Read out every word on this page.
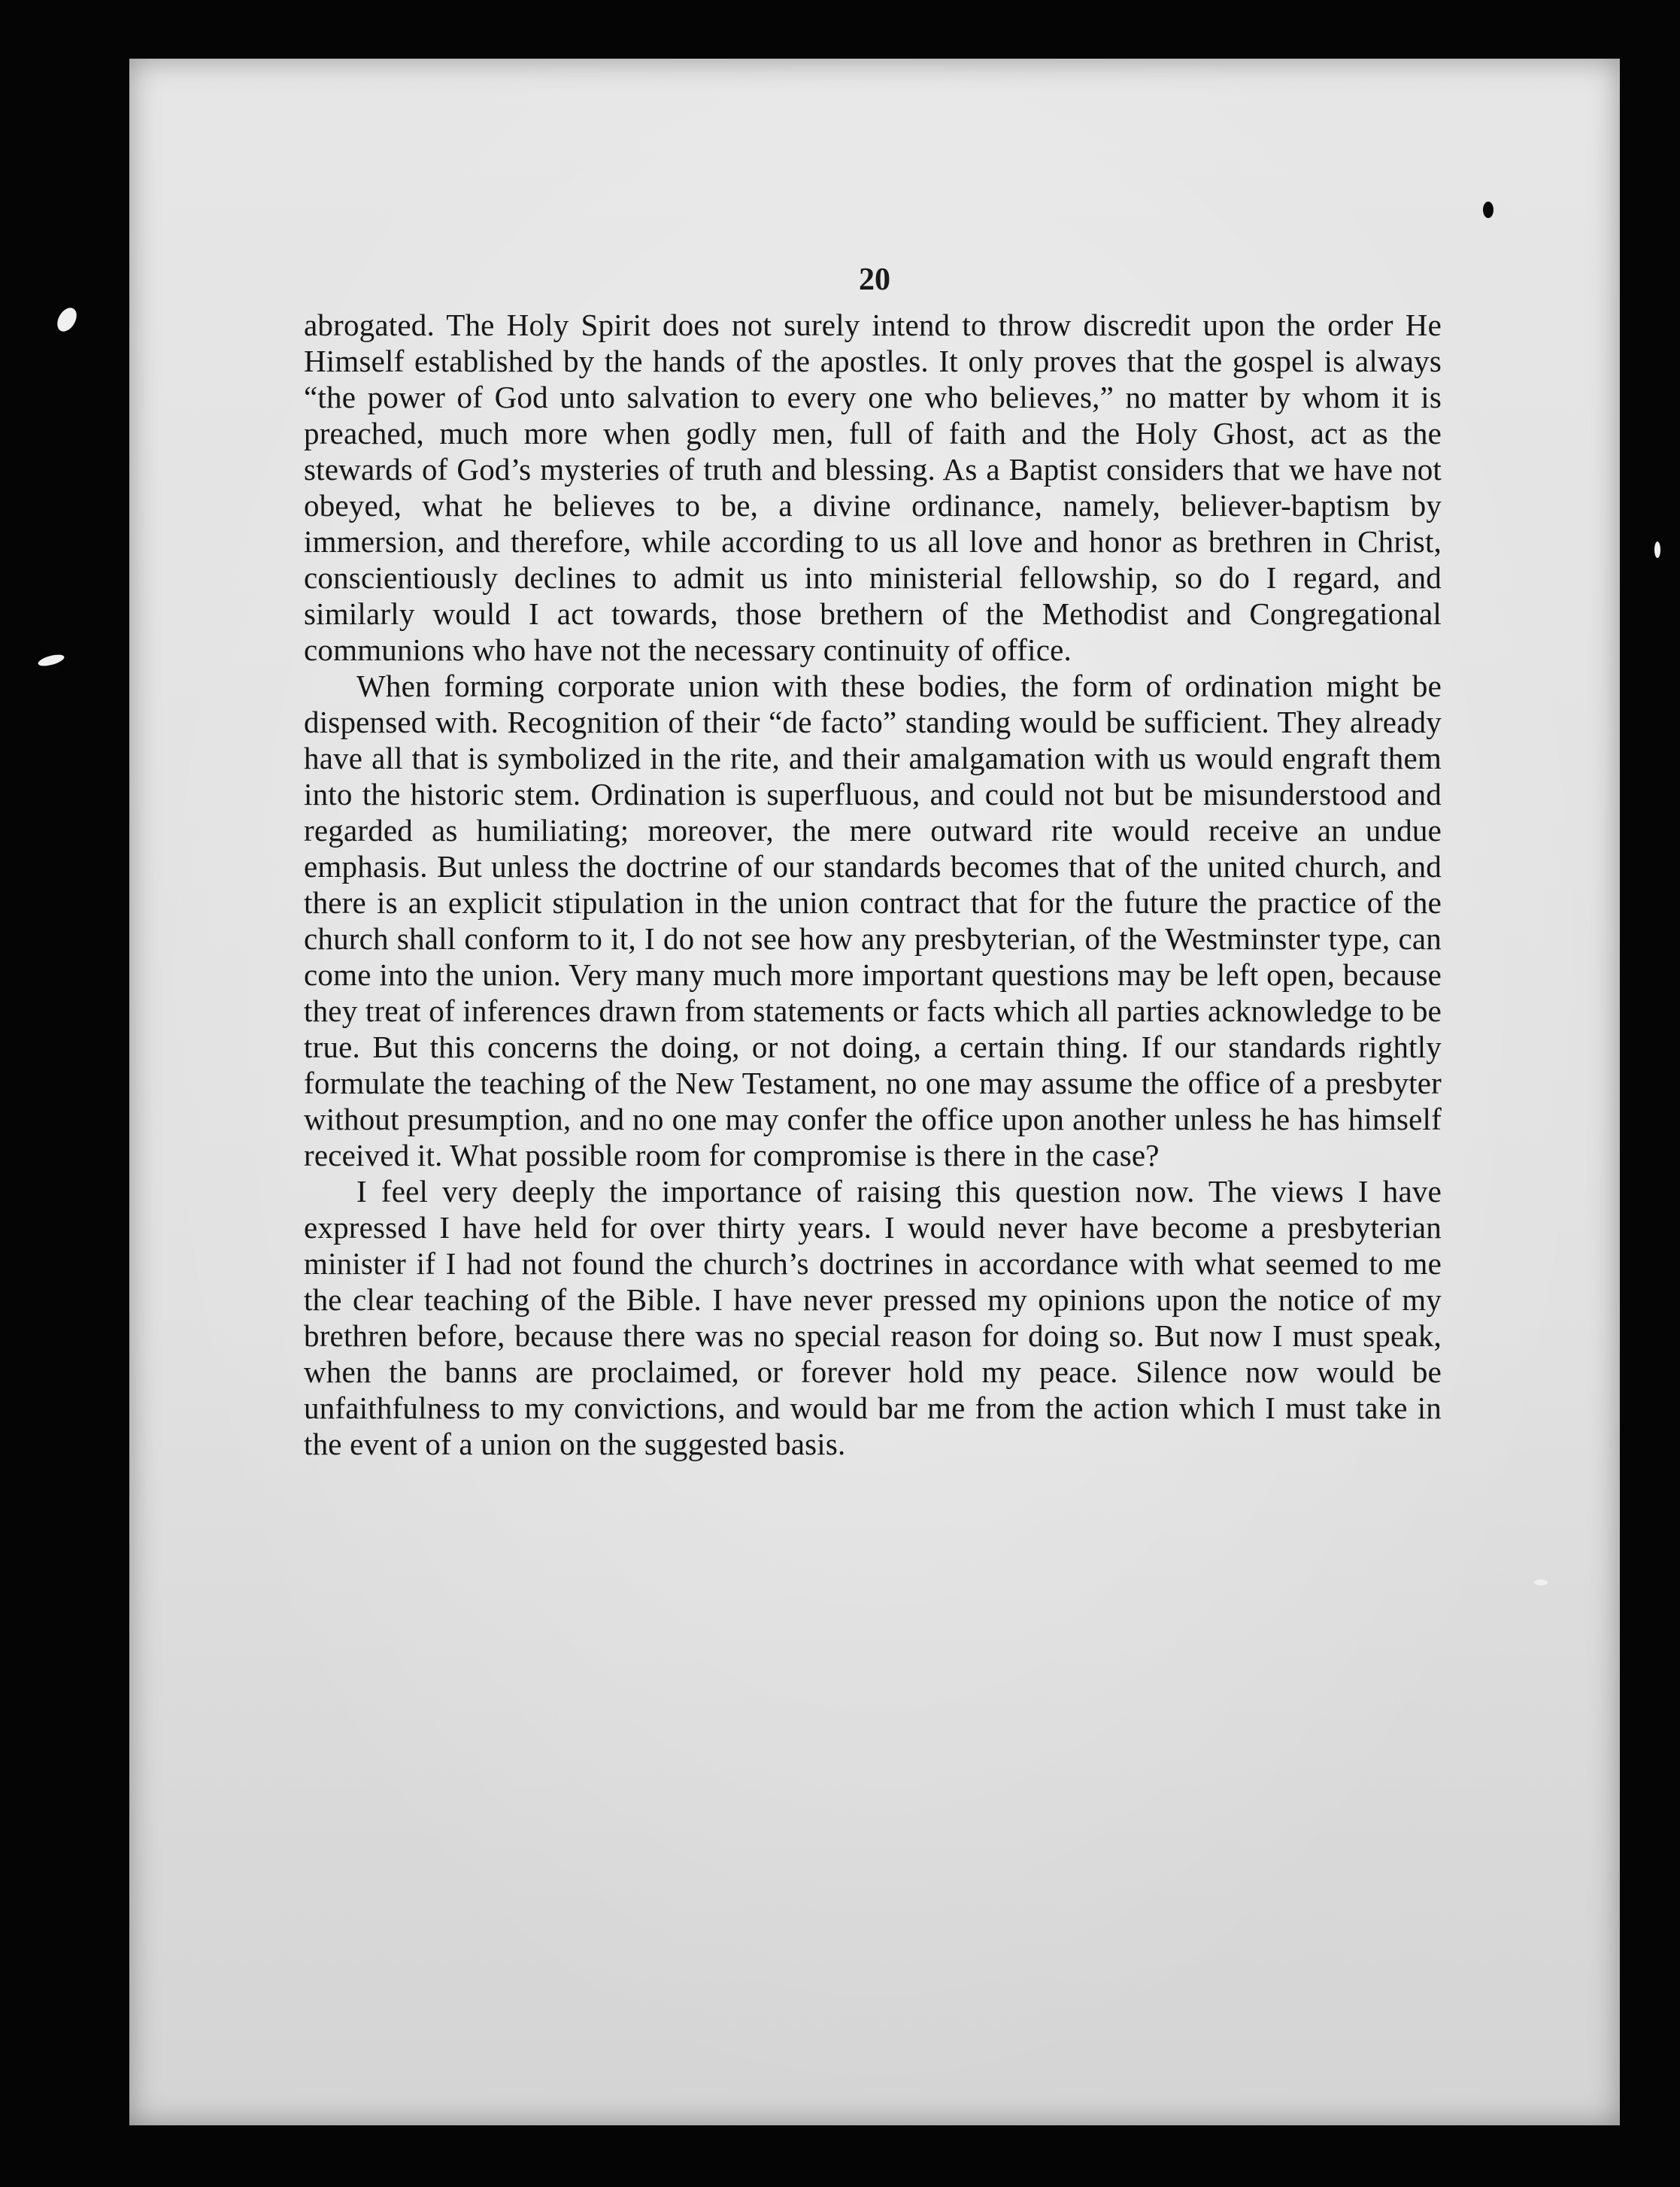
20

abrogated. The Holy Spirit does not surely intend to throw discredit upon the order He Himself established by the hands of the apostles. It only proves that the gospel is always “the power of God unto salvation to every one who believes,” no matter by whom it is preached, much more when godly men, full of faith and the Holy Ghost, act as the stewards of God’s mysteries of truth and blessing. As a Baptist considers that we have not obeyed, what he believes to be, a divine ordinance, namely, believer-baptism by immersion, and therefore, while according to us all love and honor as brethren in Christ, conscientiously declines to admit us into ministerial fellowship, so do I regard, and similarly would I act towards, those brethern of the Methodist and Congregational communions who have not the necessary continuity of office.

When forming corporate union with these bodies, the form of ordination might be dispensed with. Recognition of their “de facto” standing would be sufficient. They already have all that is symbolized in the rite, and their amalgamation with us would engraft them into the historic stem. Ordination is superfluous, and could not but be misunderstood and regarded as humiliating; moreover, the mere outward rite would receive an undue emphasis. But unless the doctrine of our standards becomes that of the united church, and there is an explicit stipulation in the union contract that for the future the practice of the church shall conform to it, I do not see how any presbyterian, of the Westminster type, can come into the union. Very many much more important questions may be left open, because they treat of inferences drawn from statements or facts which all parties acknowledge to be true. But this concerns the doing, or not doing, a certain thing. If our standards rightly formulate the teaching of the New Testament, no one may assume the office of a presbyter without presumption, and no one may confer the office upon another unless he has himself received it. What possible room for compromise is there in the case?

I feel very deeply the importance of raising this question now. The views I have expressed I have held for over thirty years. I would never have become a presbyterian minister if I had not found the church’s doctrines in accordance with what seemed to me the clear teaching of the Bible. I have never pressed my opinions upon the notice of my brethren before, because there was no special reason for doing so. But now I must speak, when the banns are proclaimed, or forever hold my peace. Silence now would be unfaithfulness to my convictions, and would bar me from the action which I must take in the event of a union on the suggested basis.
